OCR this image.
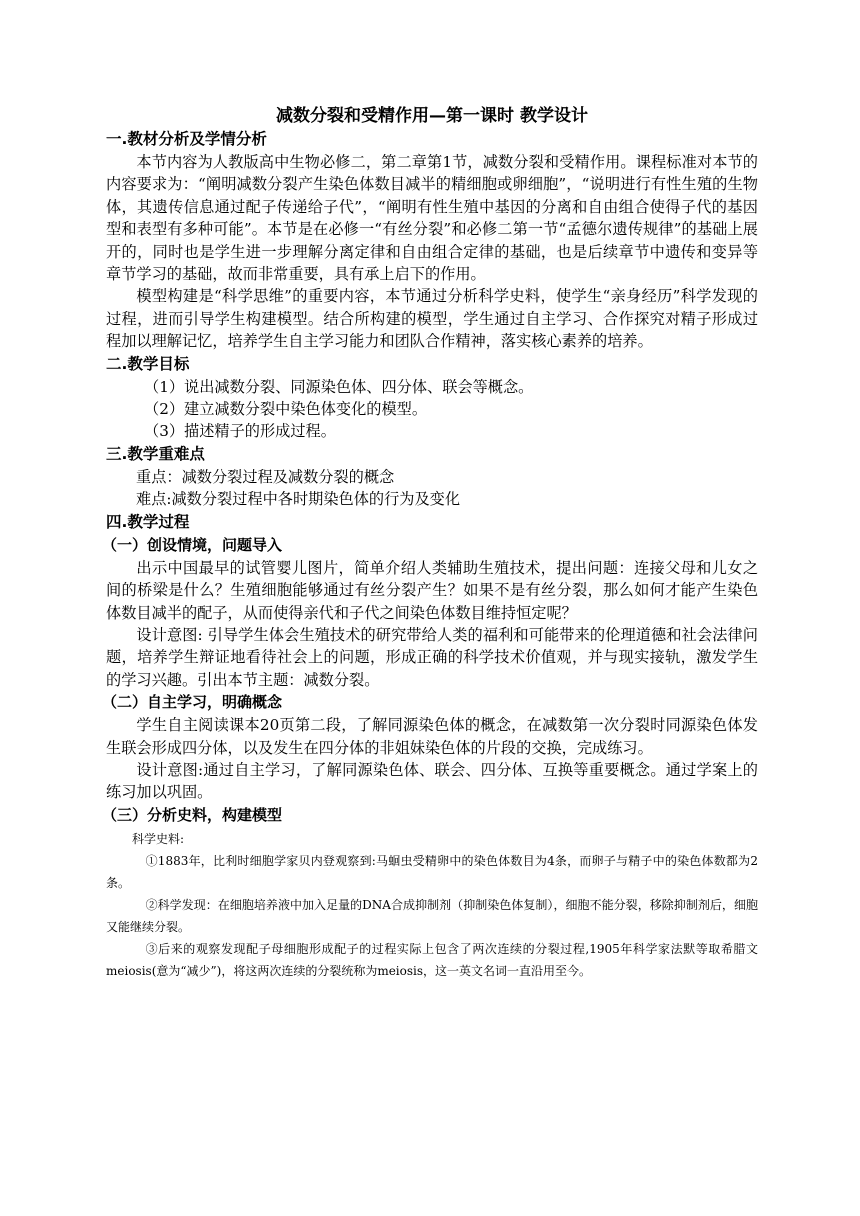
减数分裂和受精作用—第一课时 教学设计
一.教材分析及学情分析

本节内容为人教版高中生物必修二，第二章第1节，减数分裂和受精作用。课程标准对本节的内容要求为：“阐明减数分裂产生染色体数目减半的精细胞或卵细胞”，“说明进行有性生殖的生物体，其遗传信息通过配子传递给子代”，“阐明有性生殖中基因的分离和自由组合使得子代的基因型和表型有多种可能”。本节是在必修一“有丝分裂”和必修二第一节“孟德尔遗传规律”的基础上展开的，同时也是学生进一步理解分离定律和自由组合定律的基础，也是后续章节中遗传和变异等章节学习的基础，故而非常重要，具有承上启下的作用。

模型构建是“科学思维”的重要内容，本节通过分析科学史料，使学生“亲身经历”科学发现的过程，进而引导学生构建模型。结合所构建的模型，学生通过自主学习、合作探究对精子形成过程加以理解记忆，培养学生自主学习能力和团队合作精神，落实核心素养的培养。

二.教学目标

（1）说出减数分裂、同源染色体、四分体、联会等概念。

（2）建立减数分裂中染色体变化的模型。

（3）描述精子的形成过程。

三.教学重难点

重点：减数分裂过程及减数分裂的概念

难点:减数分裂过程中各时期染色体的行为及变化

四.教学过程
（一）创设情境，问题导入

出示中国最早的试管婴儿图片，简单介绍人类辅助生殖技术，提出问题：连接父母和儿女之间的桥梁是什么？生殖细胞能够通过有丝分裂产生？如果不是有丝分裂，那么如何才能产生染色体数目减半的配子，从而使得亲代和子代之间染色体数目维持恒定呢？

设计意图: 引导学生体会生殖技术的研究带给人类的福利和可能带来的伦理道德和社会法律问题，培养学生辩证地看待社会上的问题，形成正确的科学技术价值观，并与现实接轨，激发学生的学习兴趣。引出本节主题：减数分裂。

（二）自主学习，明确概念

学生自主阅读课本20页第二段，了解同源染色体的概念，在减数第一次分裂时同源染色体发生联会形成四分体，以及发生在四分体的非姐妹染色体的片段的交换，完成练习。

设计意图:通过自主学习，了解同源染色体、联会、四分体、互换等重要概念。通过学案上的练习加以巩固。

（三）分析史料，构建模型

科学史料:

①1883年，比利时细胞学家贝内登观察到:马蛔虫受精卵中的染色体数目为4条，而卵子与精子中的染色体数都为2条。

②科学发现：在细胞培养液中加入足量的DNA合成抑制剂（抑制染色体复制），细胞不能分裂，移除抑制剂后，细胞又能继续分裂。

③后来的观察发现配子母细胞形成配子的过程实际上包含了两次连续的分裂过程,1905年科学家法默等取希腊文meiosis(意为“减少”)，将这两次连续的分裂统称为meiosis，这一英文名词一直沿用至今。
